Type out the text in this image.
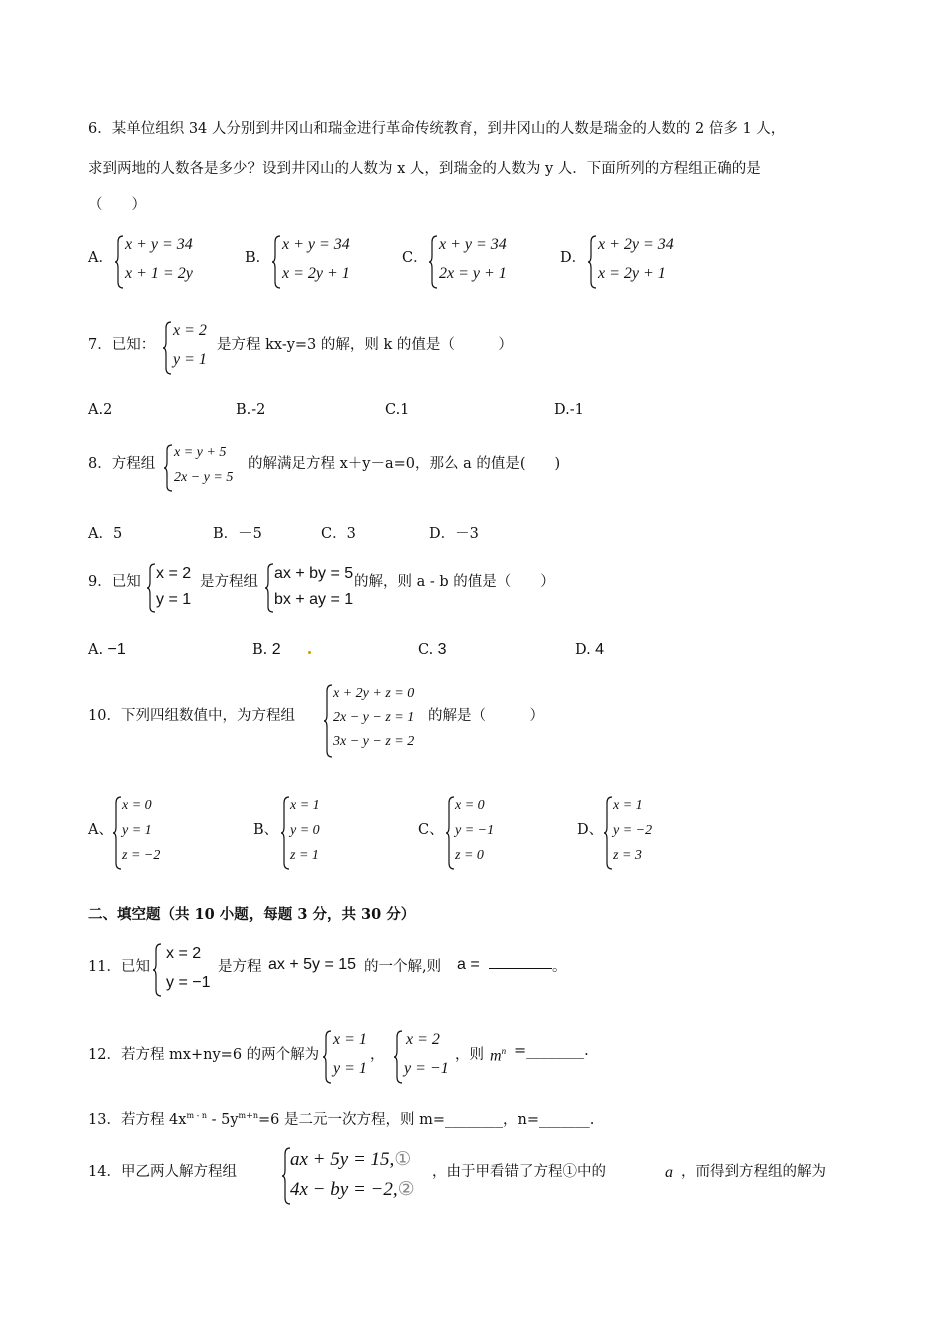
6．某单位组织 34 人分别到井冈山和瑞金进行革命传统教育，到井冈山的人数是瑞金的人数的 2 倍多 1 人，
求到两地的人数各是多少？设到井冈山的人数为 x 人，到瑞金的人数为 y 人．下面所列的方程组正确的是
（　　）
A．
x + y = 34
x + 1 = 2y
B．
x + y = 34
x = 2y + 1
C．
x + y = 34
2x = y + 1
D．
x + 2y = 34
x = 2y + 1
7．已知：
x = 2
y = 1
是方程 kx-y=3 的解，则 k 的值是（　　　）
A.2	B.-2	C.1	D.-1
8．方程组
x = y + 5
2x − y = 5
的解满足方程 x＋y－a=0，那么 a 的值是(　　)
A．5	B．－5	C．3	D．－3
9．已知 x = 2
y = 1
是方程组 ax + by = 5
bx + ay = 1
的解，则 a - b 的值是（　　）
A. −1	B. 2	C. 3	D. 4
10．下列四组数值中，为方程组
x + 2y + z = 0
2x − y − z = 1
3x − y − z = 2
的解是（　　　）
A、
x = 0
y = 1
z = −2
B、
x = 1
y = 0
z = 1
C、
x = 0
y = −1
z = 0
D、
x = 1
y = −2
z = 3
二、填空题（共 10 小题，每题 3 分，共 30 分）
11．已知
x = 2
y = −1
是方程 ax + 5y = 15 的一个解,则 a =	。
12．若方程 mx+ny=6 的两个解为
x = 1
y = 1
，
x = 2
y = −1
，则 $m^n$ =________.
13．若方程 $4x^{m - n} - 5y^{m+n}=6$ 是二元一次方程，则 m=________，n=_______.
14．甲乙两人解方程组
ax + 5y = 15,①
4x − by = −2,②
，由于甲看错了方程①中的	a ，而得到方程组的解为
